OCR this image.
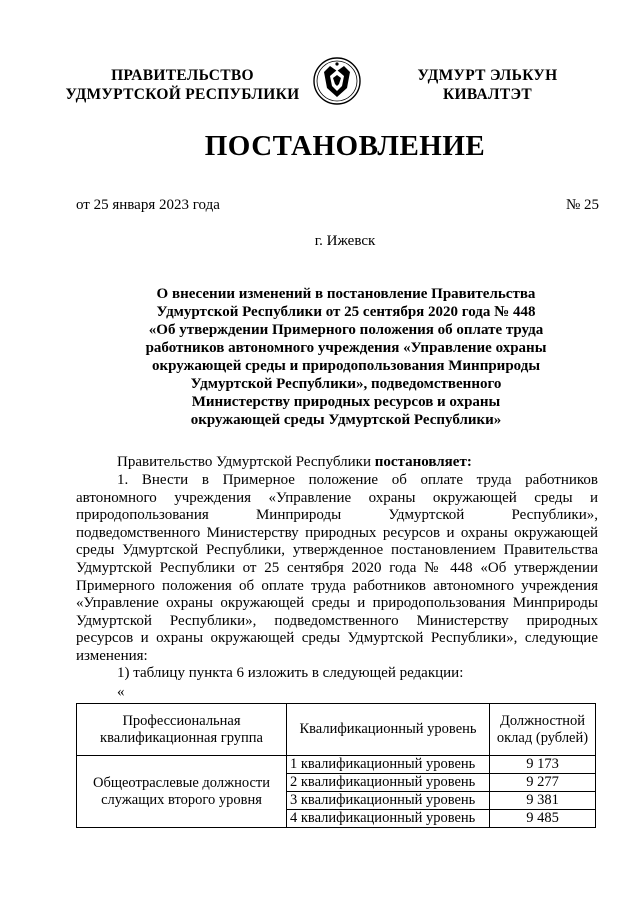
ПРАВИТЕЛЬСТВО
УДМУРТСКОЙ РЕСПУБЛИКИ
УДМУРТ ЭЛЬКУН
КИВАЛТЭТ
ПОСТАНОВЛЕНИЕ
от 25 января 2023 года	№ 25
г. Ижевск
О внесении изменений в постановление Правительства
Удмуртской Республики от 25 сентября 2020 года № 448
«Об утверждении Примерного положения об оплате труда
работников автономного учреждения «Управление охраны
окружающей среды и природопользования Минприроды
Удмуртской Республики», подведомственного
Министерству природных ресурсов и охраны
окружающей среды Удмуртской Республики»
Правительство Удмуртской Республики постановляет:
1. Внести в Примерное положение об оплате труда работников
автономного учреждения «Управление охраны окружающей среды и
природопользования Минприроды Удмуртской Республики»,
подведомственного Министерству природных ресурсов и охраны окружающей
среды Удмуртской Республики, утвержденное постановлением Правительства
Удмуртской Республики от 25 сентября 2020 года № 448 «Об утверждении
Примерного положения об оплате труда работников автономного учреждения
«Управление охраны окружающей среды и природопользования Минприроды
Удмуртской Республики», подведомственного Министерству природных
ресурсов и охраны окружающей среды Удмуртской Республики», следующие
изменения:
1) таблицу пункта 6 изложить в следующей редакции:
«
Профессиональная квалификационная группа	Квалификационный уровень	Должностной оклад (рублей)
Общеотраслевые должности служащих второго уровня	1 квалификационный уровень	9 173
	2 квалификационный уровень	9 277
	3 квалификационный уровень	9 381
	4 квалификационный уровень	9 485
